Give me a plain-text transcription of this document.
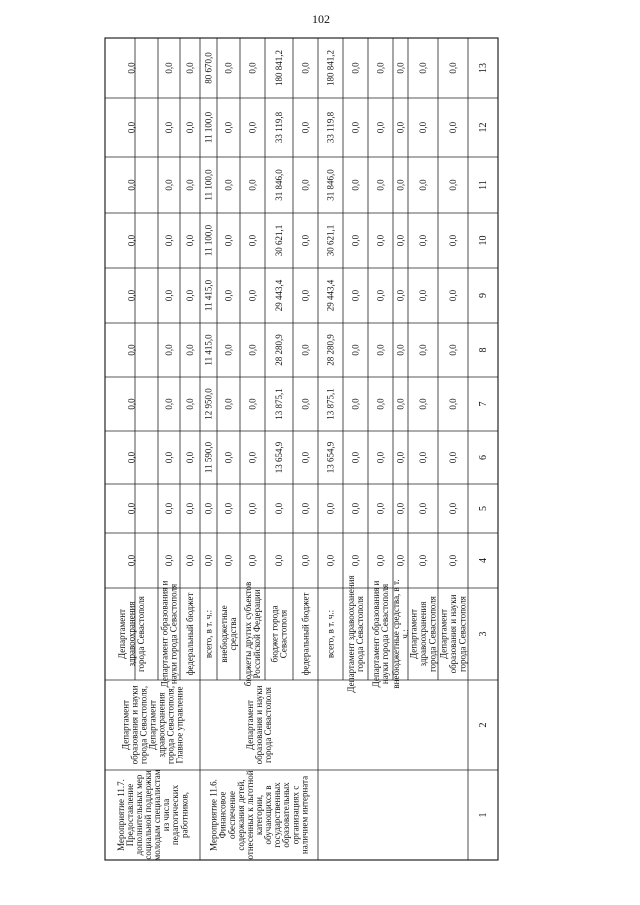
102
1
2
3
4
5
6
7
8
9
10
11
12
13
Департаментобразования и наукигорода Севастополя
0,0
0,0
0,0
0,0
0,0
0,0
0,0
0,0
0,0
0,0
Департаментздравоохранениягорода Севастополя
0,0
0,0
0,0
0,0
0,0
0,0
0,0
0,0
0,0
0,0
внебюджетные средства, в т.ч.:
0,0
0,0
0,0
0,0
0,0
0,0
0,0
0,0
0,0
0,0
Департамент образования инауки города Севастополя
0,0
0,0
0,0
0,0
0,0
0,0
0,0
0,0
0,0
0,0
Департамент здравоохранениягорода Севастополя
0,0
0,0
0,0
0,0
0,0
0,0
0,0
0,0
0,0
0,0
всего, в т. ч.:
0,0
0,0
13 654,9
13 875,1
28 280,9
29 443,4
30 621,1
31 846,0
33 119,8
180 841,2
федеральный бюджет
0,0
0,0
0,0
0,0
0,0
0,0
0,0
0,0
0,0
0,0
бюджет городаСевастополя
0,0
0,0
13 654,9
13 875,1
28 280,9
29 443,4
30 621,1
31 846,0
33 119,8
180 841,2
бюджеты других субъектовРоссийской Федерации
0,0
0,0
0,0
0,0
0,0
0,0
0,0
0,0
0,0
0,0
внебюджетныесредства
0,0
0,0
0,0
0,0
0,0
0,0
0,0
0,0
0,0
0,0
всего, в т. ч.:
0,0
0,0
11 590,0
12 950,0
11 415,0
11 415,0
11 100,0
11 100,0
11 100,0
80 670,0
федеральный бюджет
0,0
0,0
0,0
0,0
0,0
0,0
0,0
0,0
0,0
0,0
Департамент образования инауки города Севастополя
0,0
0,0
0,0
0,0
0,0
0,0
0,0
0,0
0,0
0,0
Департаментздравоохранениягорода Севастополя
0,0
0,0
0,0
0,0
0,0
0,0
0,0
0,0
0,0
0,0
Мероприятие 11.6.Финансовоеобеспечениесодержания детей,отнесенных к льготнойкатегории,обучающихся вгосударственныхобразовательныхорганизациях сналичием интерната
Департаментобразования и наукигорода Севастополя
Мероприятие 11.7.Предоставлениедополнительных мерсоциальной поддержкимолодым специалистамиз числапедагогическихработников,
Департаментобразования и наукигорода Севастополя,Департаментздравоохранениягорода Севастополя,Главное управление
